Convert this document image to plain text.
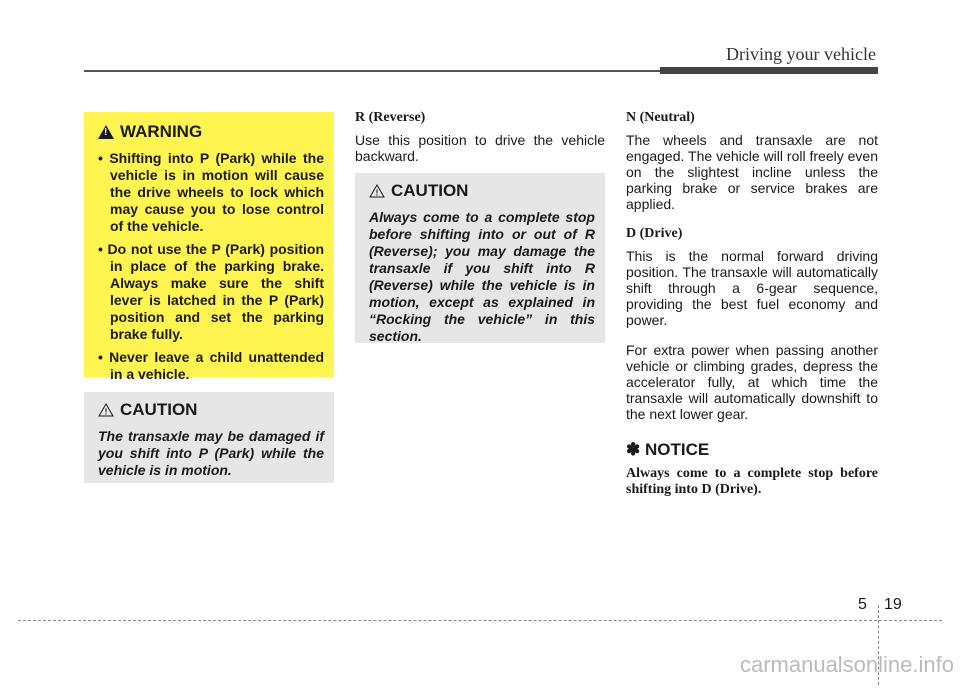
Driving your vehicle
!
WARNING
• Shifting into P (Park) while the vehicle is in motion will cause the drive wheels to lock which may cause you to lose control of the vehicle.
• Do not use the P (Park) position in place of the parking brake. Always make sure the shift lever is latched in the P (Park) position and set the parking brake fully.
• Never leave a child unattended in a vehicle.
! CAUTION

The transaxle may be damaged if you shift into P (Park) while the vehicle is in motion.

R (Reverse)

Use this position to drive the vehicle backward.

! CAUTION

Always come to a complete stop before shifting into or out of R (Reverse); you may damage the transaxle if you shift into R (Reverse) while the vehicle is in motion, except as explained in “Rocking the vehicle” in this section.

N (Neutral)

The wheels and transaxle are not engaged. The vehicle will roll freely even on the slightest incline unless the parking brake or service brakes are applied.

D (Drive)

This is the normal forward driving position. The transaxle will automatically shift through a 6-gear sequence, providing the best fuel economy and power.

For extra power when passing another vehicle or climbing grades, depress the accelerator fully, at which time the transaxle will automatically downshift to the next lower gear.

✽ NOTICE

Always come to a complete stop before shifting into D (Drive).

5 19
carmanualsonline.info
